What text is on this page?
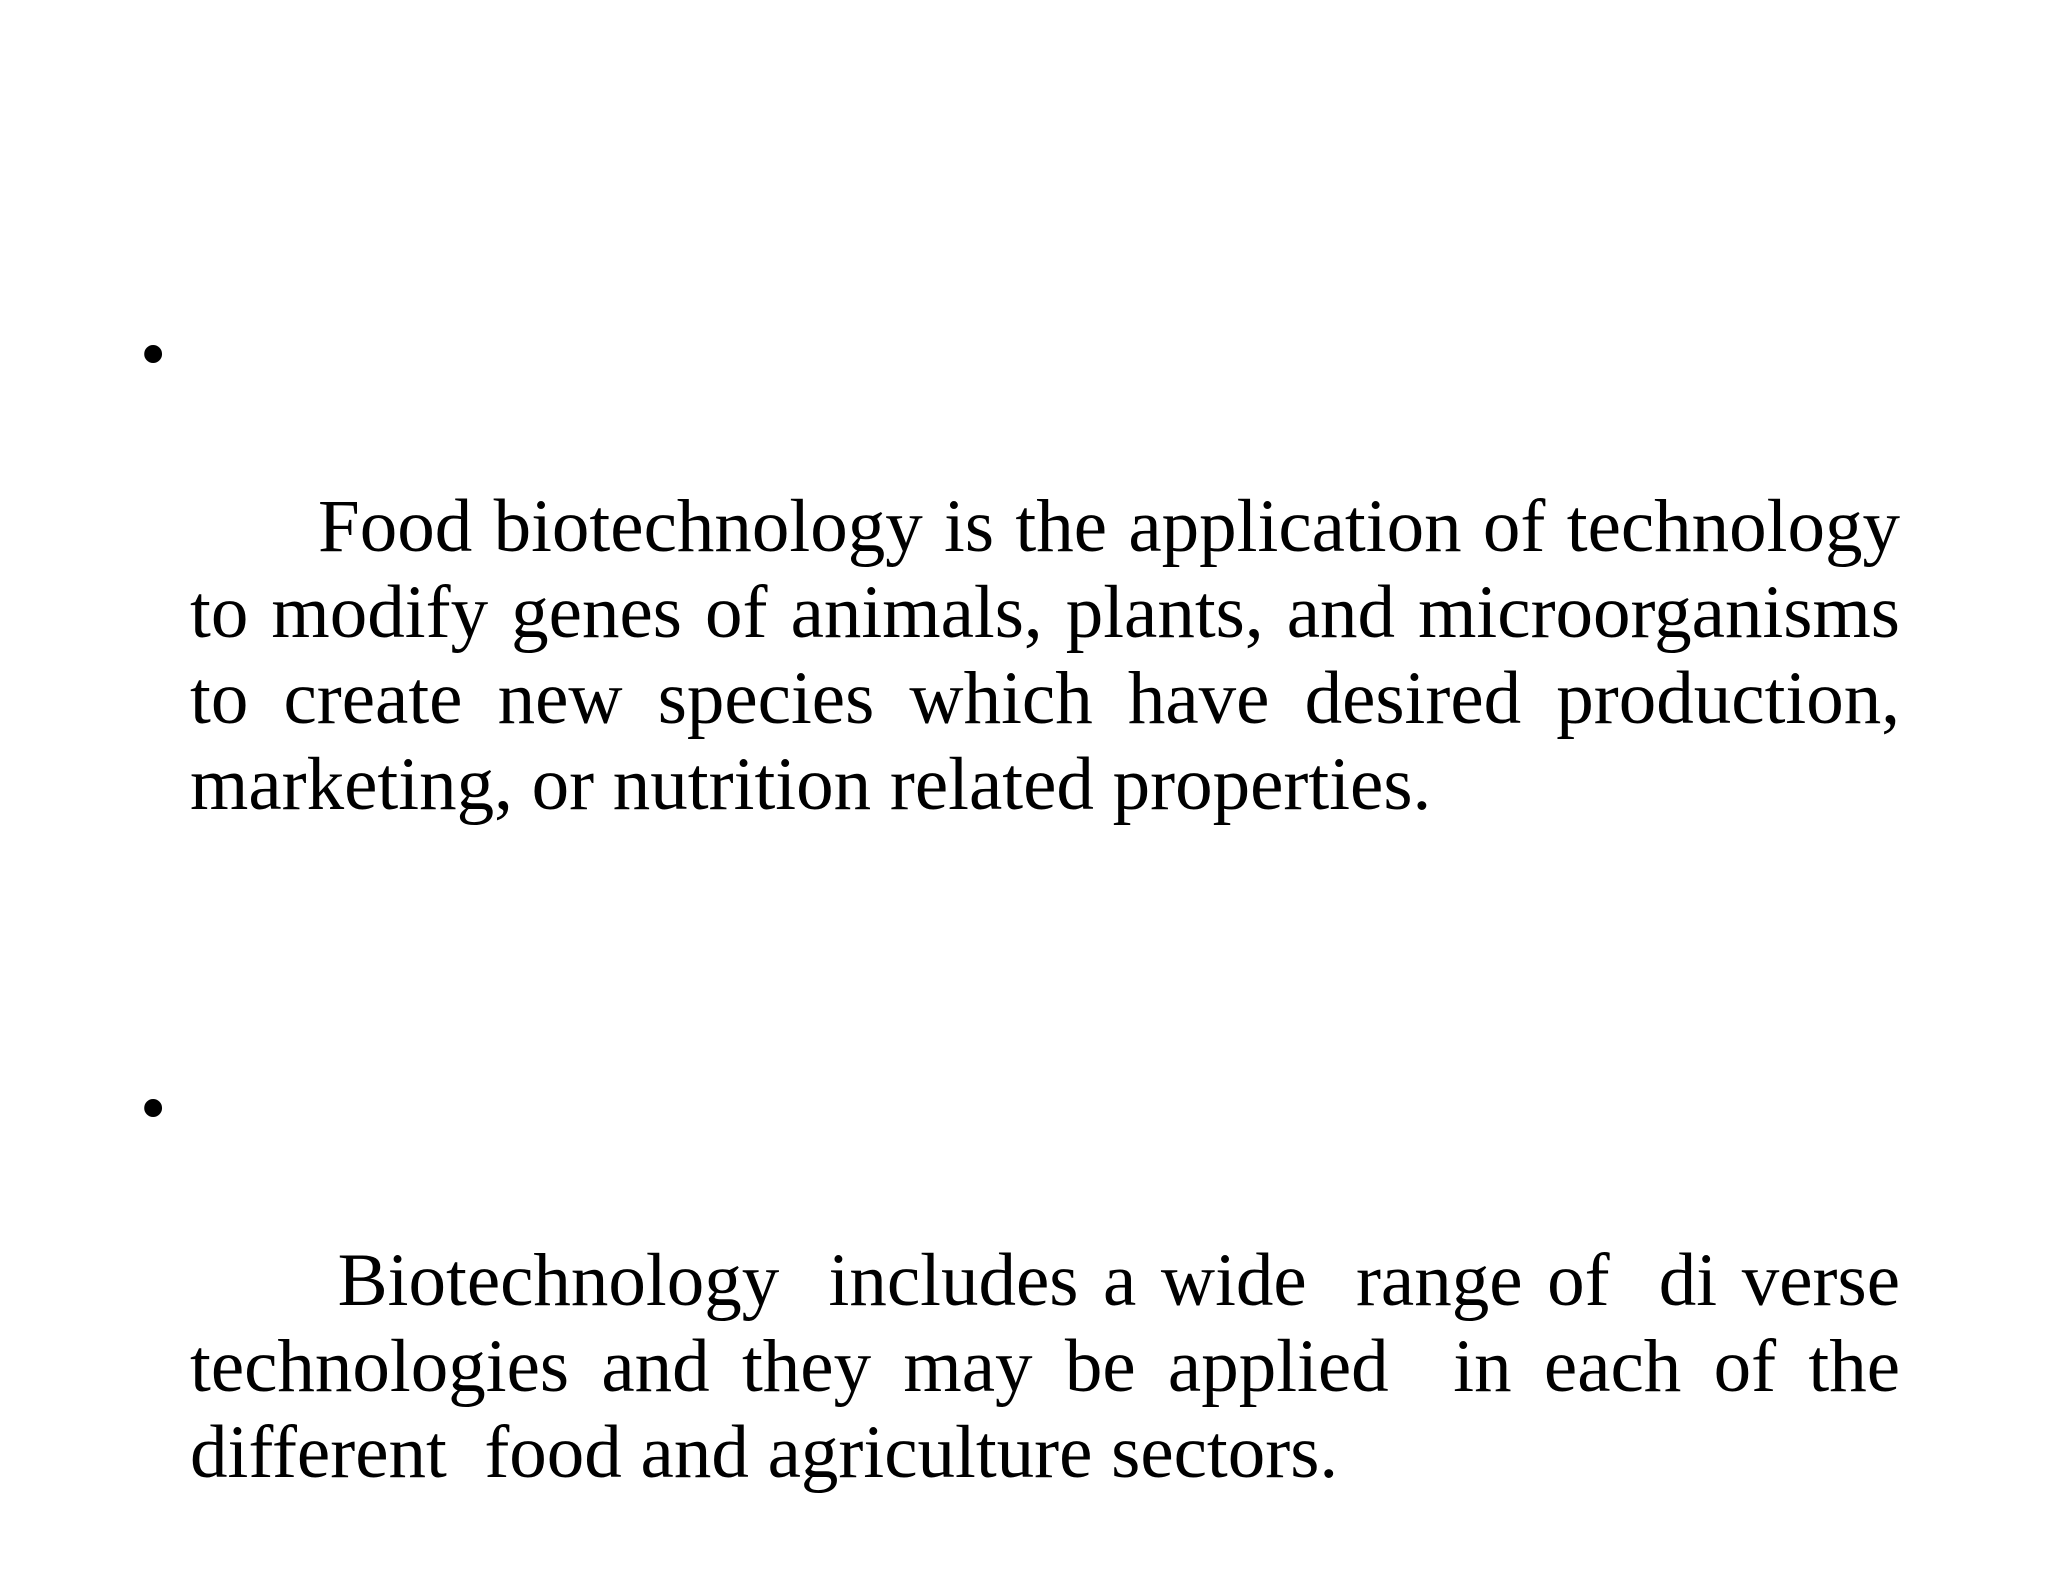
•

Food biotechnology is the application of technology to modify genes of animals, plants, and microorganisms to create new species which have desired production, marketing, or nutrition related properties.

•

Biotechnology  includes a wide  range of  di verse technologies and they may be applied  in each of the different  food and agriculture sectors.
